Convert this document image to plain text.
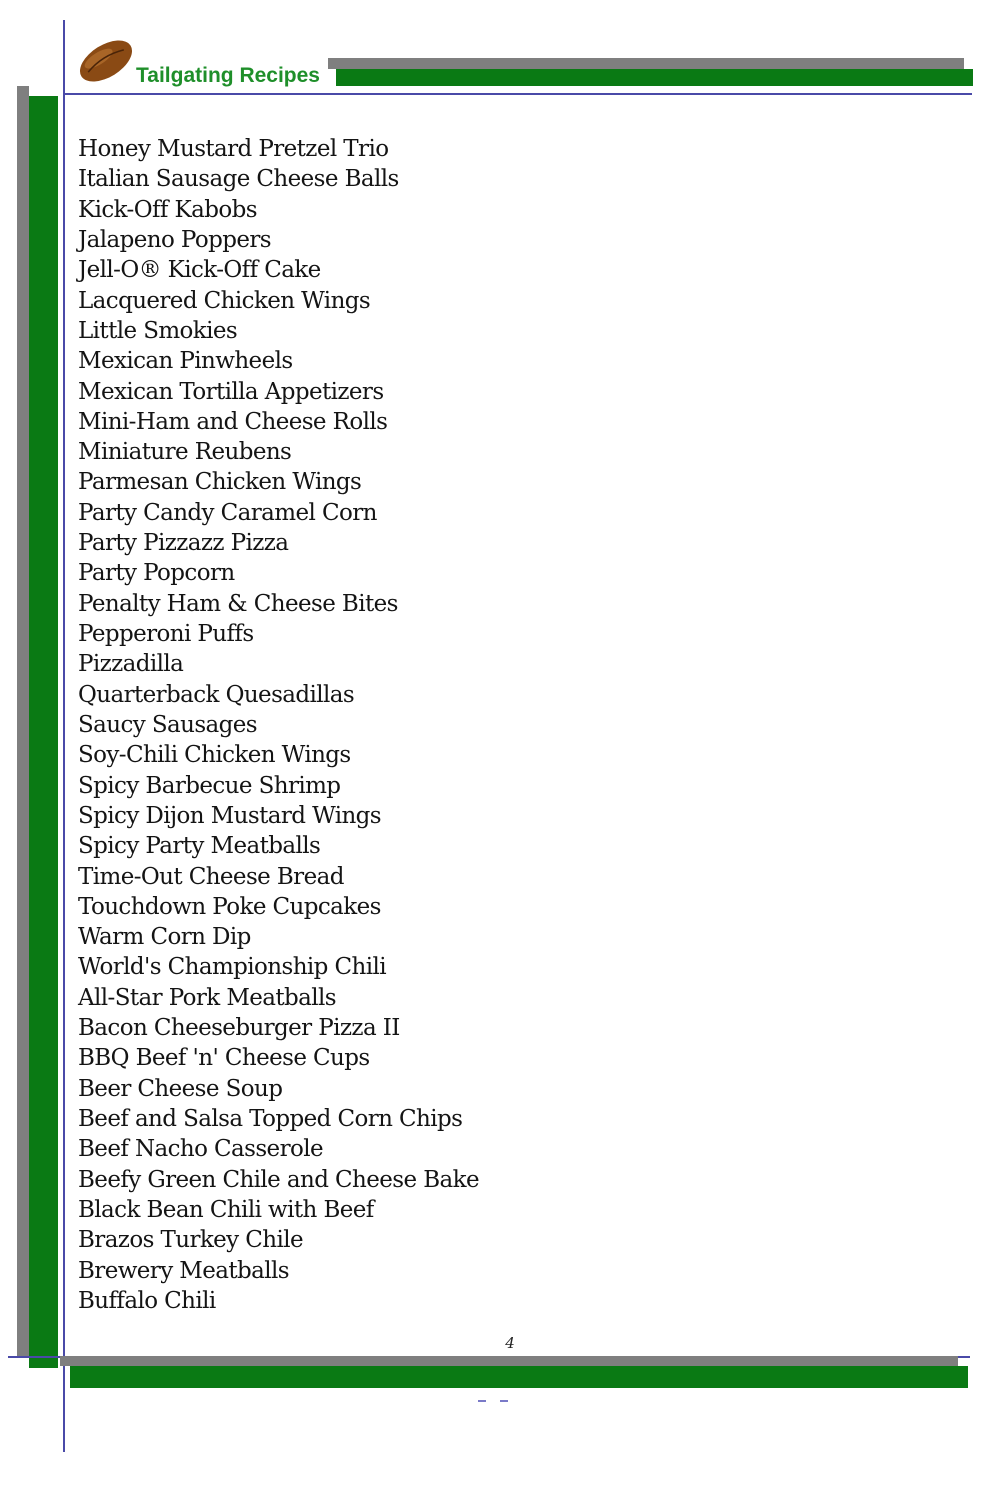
Tailgating Recipes
Honey Mustard Pretzel Trio
Italian Sausage Cheese Balls
Kick-Off Kabobs
Jalapeno Poppers
Jell-O® Kick-Off Cake
Lacquered Chicken Wings
Little Smokies
Mexican Pinwheels
Mexican Tortilla Appetizers
Mini-Ham and Cheese Rolls
Miniature Reubens
Parmesan Chicken Wings
Party Candy Caramel Corn
Party Pizzazz Pizza
Party Popcorn
Penalty Ham & Cheese Bites
Pepperoni Puffs
Pizzadilla
Quarterback Quesadillas
Saucy Sausages
Soy-Chili Chicken Wings
Spicy Barbecue Shrimp
Spicy Dijon Mustard Wings
Spicy Party Meatballs
Time-Out Cheese Bread
Touchdown Poke Cupcakes
Warm Corn Dip
World's Championship Chili
All-Star Pork Meatballs
Bacon Cheeseburger Pizza II
BBQ Beef 'n' Cheese Cups
Beer Cheese Soup
Beef and Salsa Topped Corn Chips
Beef Nacho Casserole
Beefy Green Chile and Cheese Bake
Black Bean Chili with Beef
Brazos Turkey Chile
Brewery Meatballs
Buffalo Chili
4
